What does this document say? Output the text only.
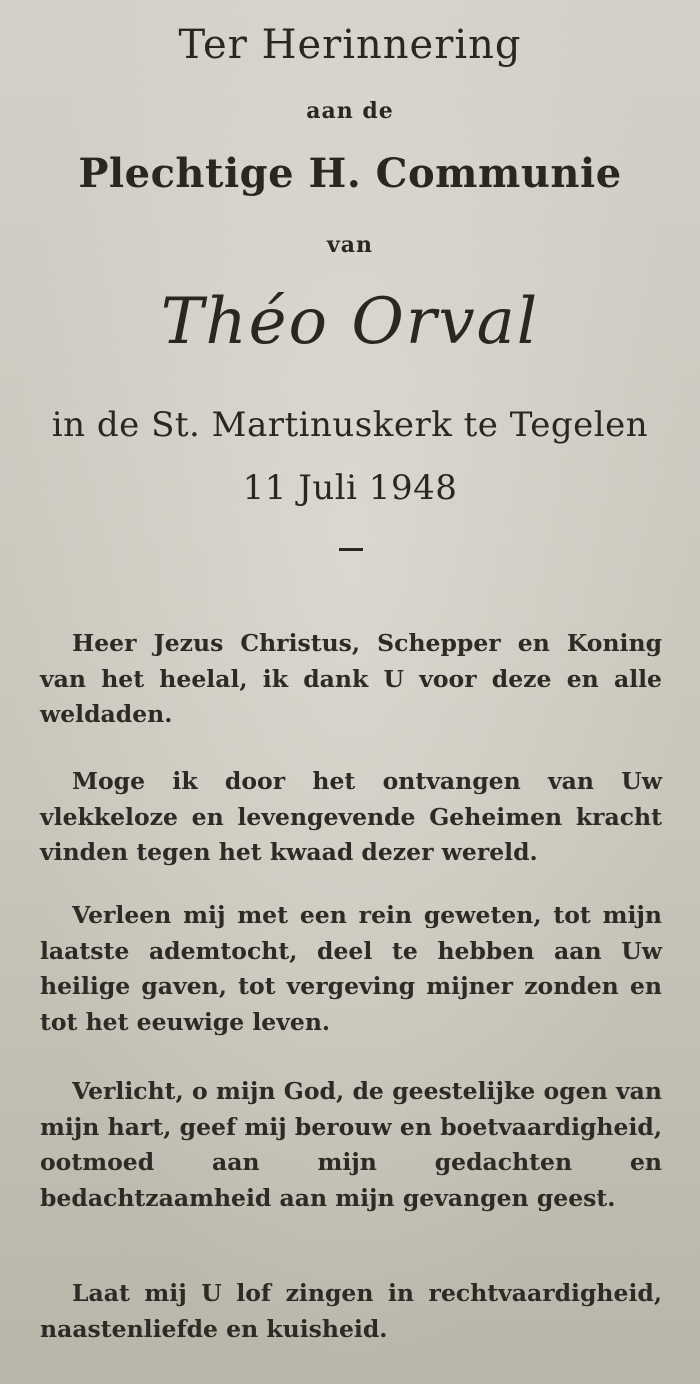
Ter Herinnering
aan de
Plechtige H. Communie
van
Théo Orval
in de St. Martinuskerk te Tegelen
11 Juli 1948
Heer Jezus Christus, Schepper en Koning van het heelal, ik dank U voor deze en alle weldaden.
Moge ik door het ontvangen van Uw vlekkeloze en levengevende Geheimen kracht vinden tegen het kwaad dezer wereld.
Verleen mij met een rein geweten, tot mijn laatste ademtocht, deel te hebben aan Uw heilige gaven, tot vergeving mijner zonden en tot het eeuwige leven.
Verlicht, o mijn God, de geestelijke ogen van mijn hart, geef mij berouw en boetvaardigheid, ootmoed aan mijn gedachten en bedachtzaamheid aan mijn gevangen geest.
Laat mij U lof zingen in rechtvaardigheid, naastenliefde en kuisheid.
